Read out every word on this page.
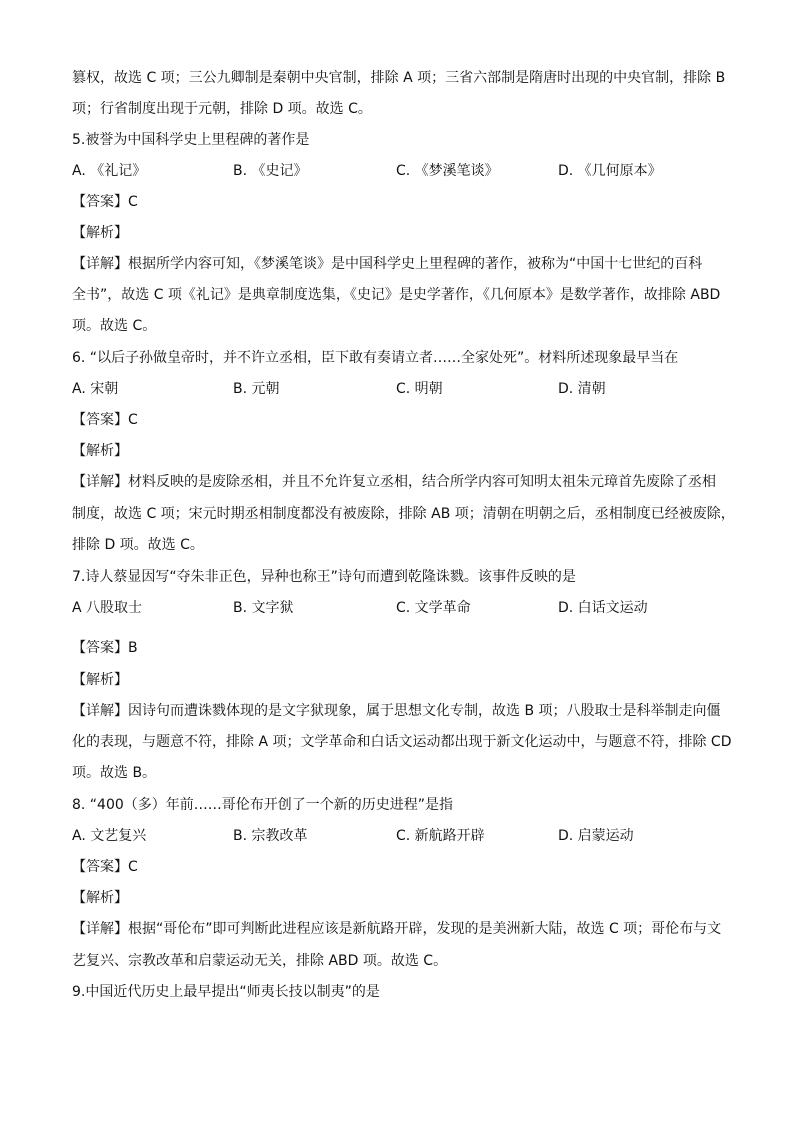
篡权，故选 C 项；三公九卿制是秦朝中央官制，排除 A 项；三省六部制是隋唐时出现的中央官制，排除 B
项；行省制度出现于元朝，排除 D 项。故选 C。
5.被誉为中国科学史上里程碑的著作是
A. 《礼记》	B. 《史记》	C. 《梦溪笔谈》	D. 《几何原本》
【答案】C
【解析】
【详解】根据所学内容可知，《梦溪笔谈》是中国科学史上里程碑的著作，被称为“中国十七世纪的百科
全书”，故选 C 项《礼记》是典章制度选集，《史记》是史学著作，《几何原本》是数学著作，故排除 ABD
项。故选 C。
6. “以后子孙做皇帝时，并不许立丞相，臣下敢有奏请立者……全家处死”。材料所述现象最早当在
A. 宋朝	B. 元朝	C. 明朝	D. 清朝
【答案】C
【解析】
【详解】材料反映的是废除丞相，并且不允许复立丞相，结合所学内容可知明太祖朱元璋首先废除了丞相
制度，故选 C 项；宋元时期丞相制度都没有被废除，排除 AB 项；清朝在明朝之后，丞相制度已经被废除，
排除 D 项。故选 C。
7.诗人蔡显因写“夺朱非正色，异种也称王”诗句而遭到乾隆诛戮。该事件反映的是
A 八股取士	B. 文字狱	C. 文学革命	D. 白话文运动
【答案】B
【解析】
【详解】因诗句而遭诛戮体现的是文字狱现象，属于思想文化专制，故选 B 项；八股取士是科举制走向僵
化的表现，与题意不符，排除 A 项；文学革命和白话文运动都出现于新文化运动中，与题意不符，排除 CD
项。故选 B。
8. “400（多）年前……哥伦布开创了一个新的历史进程”是指
A. 文艺复兴	B. 宗教改革	C. 新航路开辟	D. 启蒙运动
【答案】C
【解析】
【详解】根据“哥伦布”即可判断此进程应该是新航路开辟，发现的是美洲新大陆，故选 C 项；哥伦布与文
艺复兴、宗教改革和启蒙运动无关，排除 ABD 项。故选 C。
9.中国近代历史上最早提出“师夷长技以制夷”的是
